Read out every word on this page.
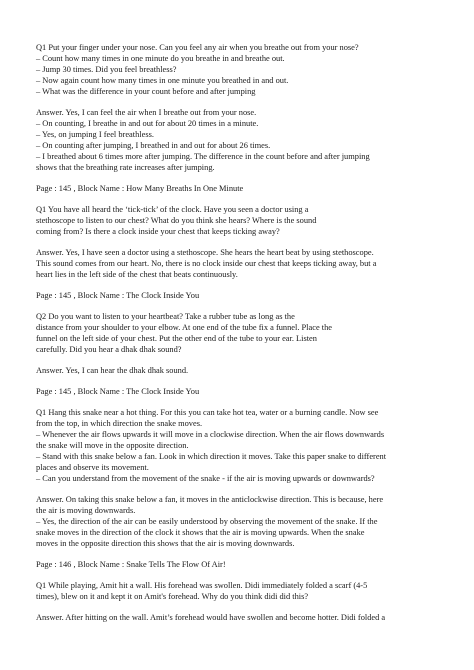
Q1 Put your finger under your nose. Can you feel any air when you breathe out from your nose?
– Count how many times in one minute do you breathe in and breathe out.
– Jump 30 times. Did you feel breathless?
– Now again count how many times in one minute you breathed in and out.
– What was the difference in your count before and after jumping
Answer. Yes, I can feel the air when I breathe out from your nose.
– On counting, I breathe in and out for about 20 times in a minute.
– Yes, on jumping I feel breathless.
– On counting after jumping, I breathed in and out for about 26 times.
– I breathed about 6 times more after jumping. The difference in the count before and after jumping
shows that the breathing rate increases after jumping.
Page : 145 , Block Name : How Many Breaths In One Minute
Q1 You have all heard the ‘tick-tick’ of the clock. Have you seen a doctor using a
stethoscope to listen to our chest? What do you think she hears? Where is the sound
coming from? Is there a clock inside your chest that keeps ticking away?
Answer. Yes, I have seen a doctor using a stethoscope. She hears the heart beat by using stethoscope.
This sound comes from our heart. No, there is no clock inside our chest that keeps ticking away, but a
heart lies in the left side of the chest that beats continuously.
Page : 145 , Block Name : The Clock Inside You
Q2 Do you want to listen to your heartbeat? Take a rubber tube as long as the
distance from your shoulder to your elbow. At one end of the tube fix a funnel. Place the
funnel on the left side of your chest. Put the other end of the tube to your ear. Listen
carefully. Did you hear a dhak dhak sound?
Answer. Yes, I can hear the dhak dhak sound.
Page : 145 , Block Name : The Clock Inside You
Q1 Hang this snake near a hot thing. For this you can take hot tea, water or a burning candle. Now see
from the top, in which direction the snake moves.
– Whenever the air flows upwards it will move in a clockwise direction. When the air flows downwards
the snake will move in the opposite direction.
– Stand with this snake below a fan. Look in which direction it moves. Take this paper snake to different
places and observe its movement.
– Can you understand from the movement of the snake - if the air is moving upwards or downwards?
Answer. On taking this snake below a fan, it moves in the anticlockwise direction. This is because, here
the air is moving downwards.
– Yes, the direction of the air can be easily understood by observing the movement of the snake. If the
snake moves in the direction of the clock it shows that the air is moving upwards. When the snake
moves in the opposite direction this shows that the air is moving downwards.
Page : 146 , Block Name : Snake Tells The Flow Of Air!
Q1 While playing, Amit hit a wall. His forehead was swollen. Didi immediately folded a scarf (4-5
times), blew on it and kept it on Amit's forehead. Why do you think didi did this?
Answer. After hitting on the wall. Amit’s forehead would have swollen and become hotter. Didi folded a
